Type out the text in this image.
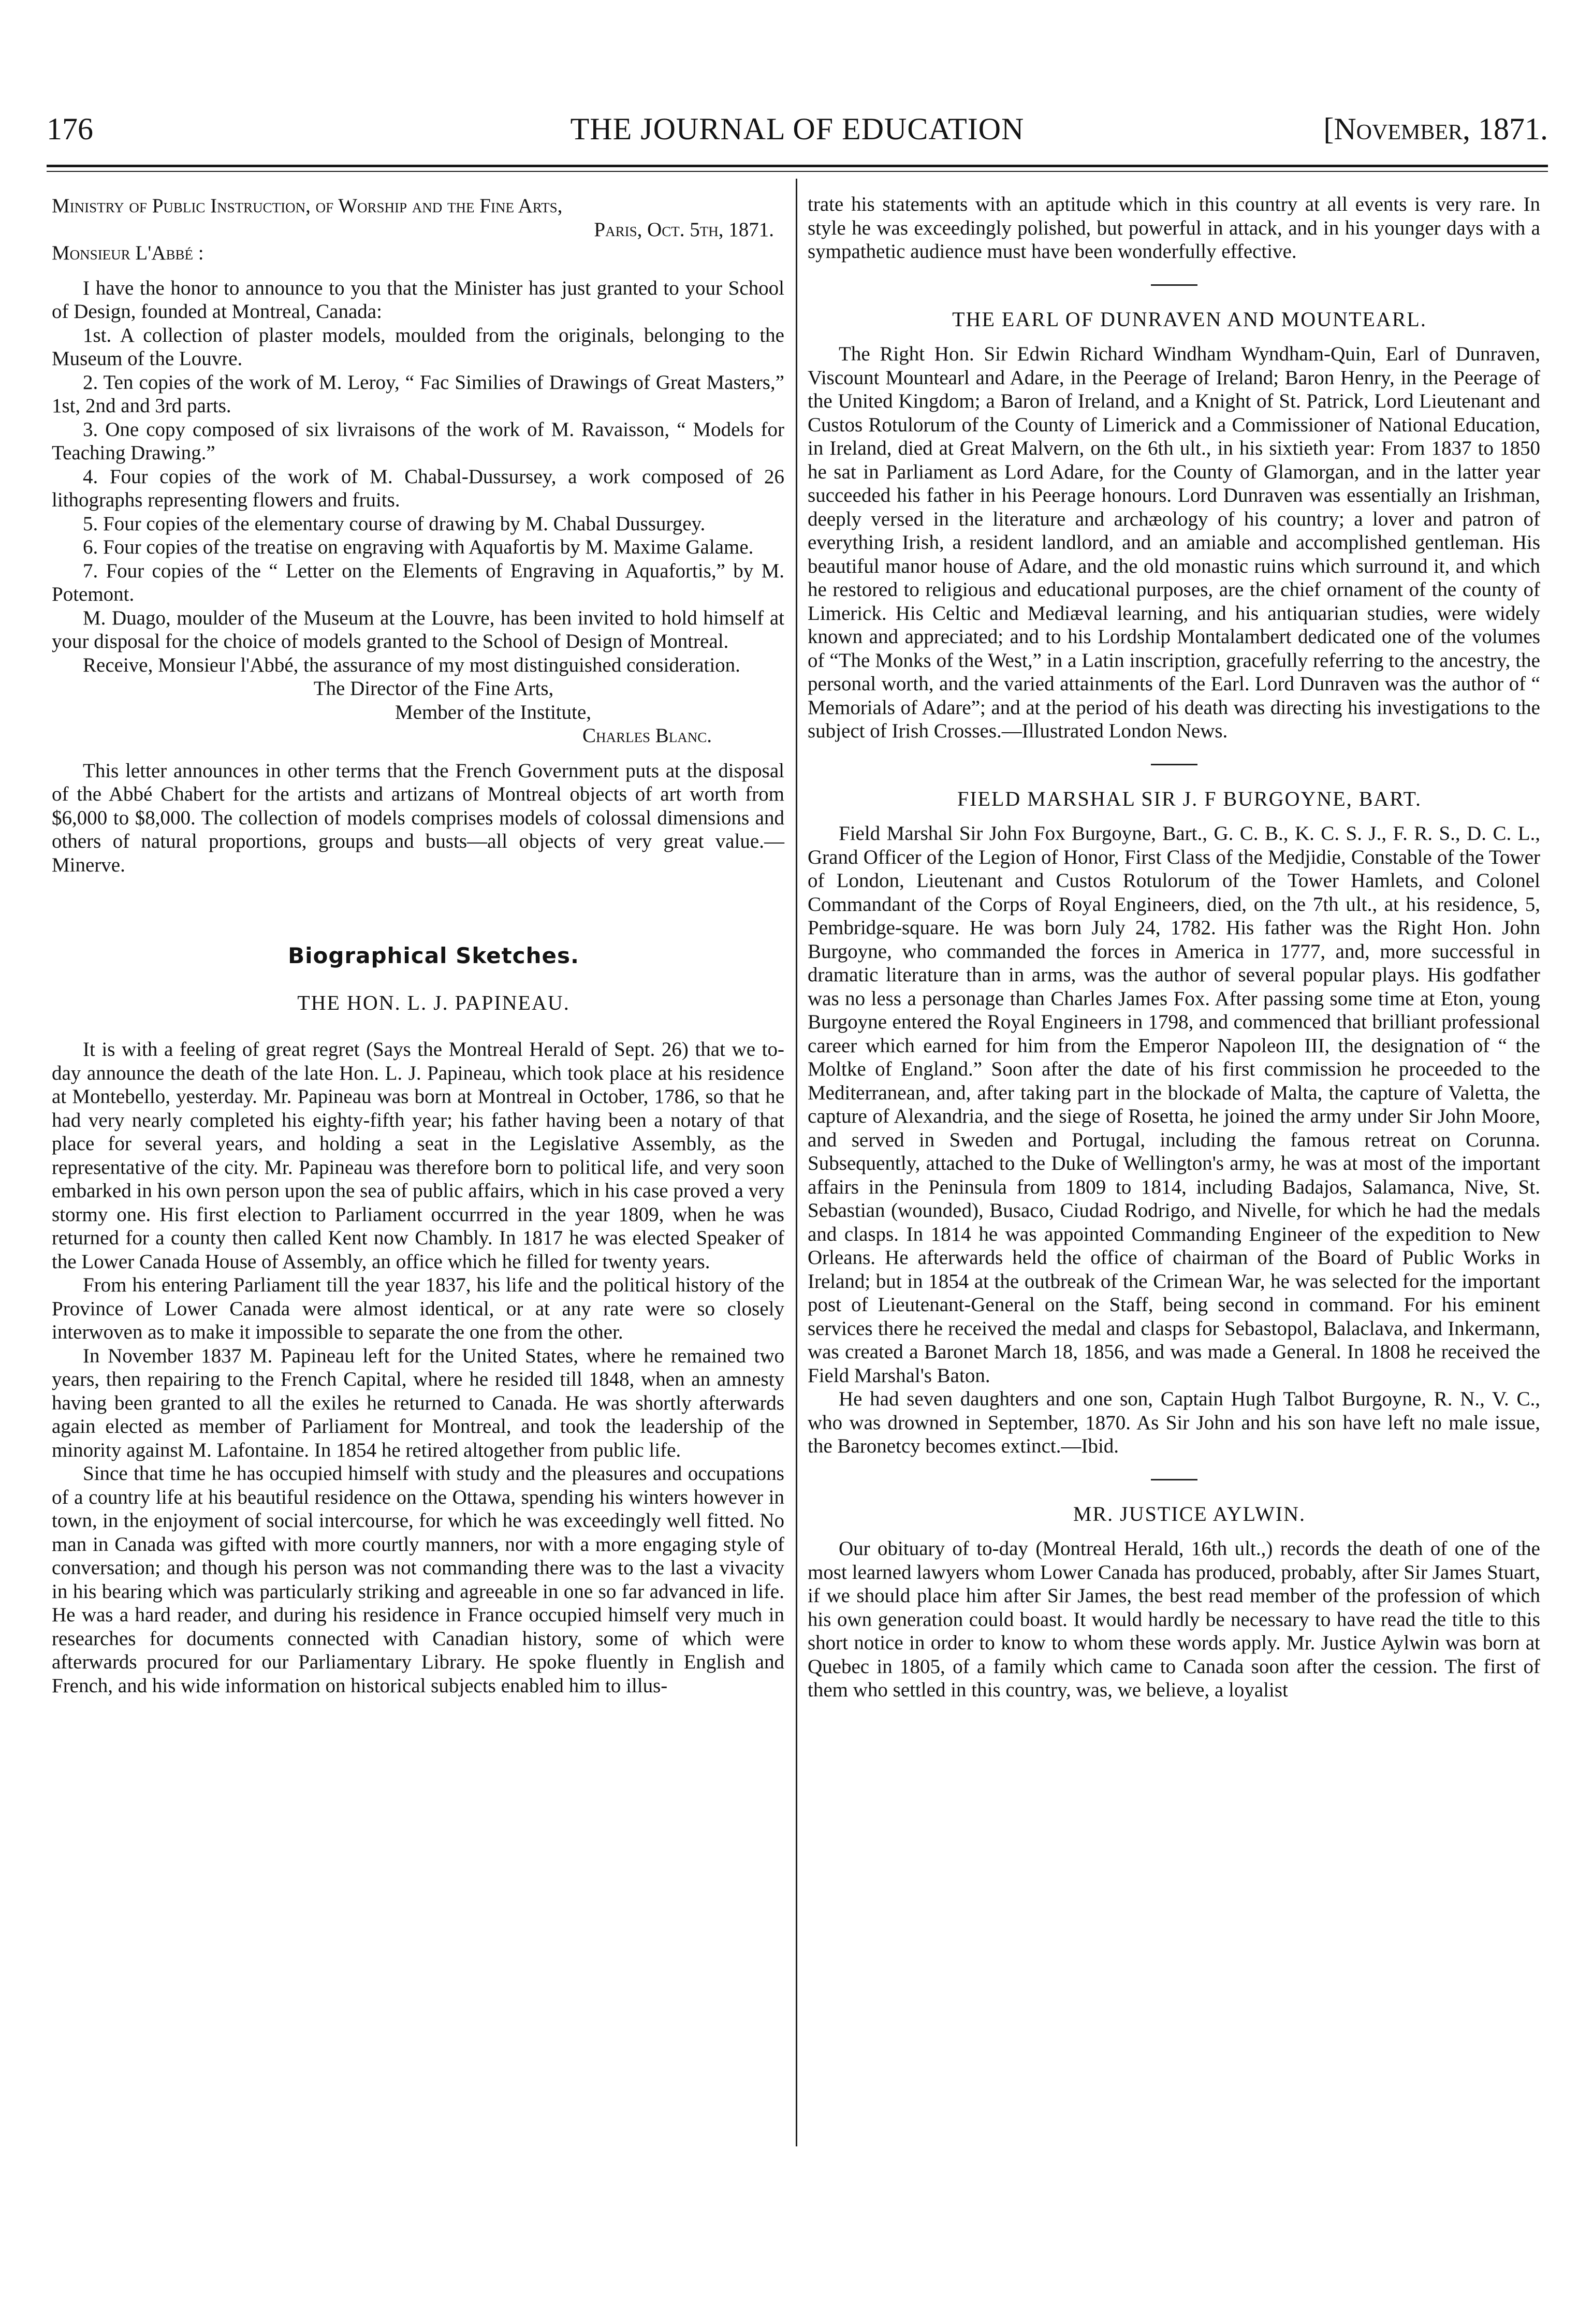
176	THE JOURNAL OF EDUCATION	[November, 1871.

Ministry of Public Instruction, of Worship and the Fine Arts,

Paris, Oct. 5th, 1871.

Monsieur L'Abbé :

I have the honor to announce to you that the Minister has just granted to your School of Design, founded at Montreal, Canada:

1st. A collection of plaster models, moulded from the originals, belonging to the Museum of the Louvre.

2. Ten copies of the work of M. Leroy, “ Fac Similies of Drawings of Great Masters,” 1st, 2nd and 3rd parts.

3. One copy composed of six livraisons of the work of M. Ravaisson, “ Models for Teaching Drawing.”

4. Four copies of the work of M. Chabal-Dussursey, a work composed of 26 lithographs representing flowers and fruits.

5. Four copies of the elementary course of drawing by M. Chabal Dussurgey.

6. Four copies of the treatise on engraving with Aquafortis by M. Maxime Galame.

7. Four copies of the “ Letter on the Elements of Engraving in Aquafortis,” by M. Potemont.

M. Duago, moulder of the Museum at the Louvre, has been invited to hold himself at your disposal for the choice of models granted to the School of Design of Montreal.

Receive, Monsieur l'Abbé, the assurance of my most distinguished consideration.

The Director of the Fine Arts,

Member of the Institute,

Charles Blanc.

This letter announces in other terms that the French Government puts at the disposal of the Abbé Chabert for the artists and artizans of Montreal objects of art worth from $6,000 to $8,000. The collection of models comprises models of colossal dimensions and others of natural proportions, groups and busts—all objects of very great value.—Minerve.

Biographical Sketches.

THE HON. L. J. PAPINEAU.

It is with a feeling of great regret (Says the Montreal Herald of Sept. 26) that we to-day announce the death of the late Hon. L. J. Papineau, which took place at his residence at Montebello, yesterday. Mr. Papineau was born at Montreal in October, 1786, so that he had very nearly completed his eighty-fifth year; his father having been a notary of that place for several years, and holding a seat in the Legislative Assembly, as the representative of the city. Mr. Papineau was therefore born to political life, and very soon embarked in his own person upon the sea of public affairs, which in his case proved a very stormy one. His first election to Parliament occurrred in the year 1809, when he was returned for a county then called Kent now Chambly. In 1817 he was elected Speaker of the Lower Canada House of Assembly, an office which he filled for twenty years.

From his entering Parliament till the year 1837, his life and the political history of the Province of Lower Canada were almost identical, or at any rate were so closely interwoven as to make it impossible to separate the one from the other.

In November 1837 M. Papineau left for the United States, where he remained two years, then repairing to the French Capital, where he resided till 1848, when an amnesty having been granted to all the exiles he returned to Canada. He was shortly afterwards again elected as member of Parliament for Montreal, and took the leadership of the minority against M. Lafontaine. In 1854 he retired altogether from public life.

Since that time he has occupied himself with study and the pleasures and occupations of a country life at his beautiful residence on the Ottawa, spending his winters however in town, in the enjoyment of social intercourse, for which he was exceedingly well fitted. No man in Canada was gifted with more courtly manners, nor with a more engaging style of conversation; and though his person was not commanding there was to the last a vivacity in his bearing which was particularly striking and agreeable in one so far advanced in life. He was a hard reader, and during his residence in France occupied himself very much in researches for documents connected with Canadian history, some of which were afterwards procured for our Parliamentary Library. He spoke fluently in English and French, and his wide information on historical subjects enabled him to illus-

trate his statements with an aptitude which in this country at all events is very rare. In style he was exceedingly polished, but powerful in attack, and in his younger days with a sympathetic audience must have been wonderfully effective.

THE EARL OF DUNRAVEN AND MOUNTEARL.

The Right Hon. Sir Edwin Richard Windham Wyndham-Quin, Earl of Dunraven, Viscount Mountearl and Adare, in the Peerage of Ireland; Baron Henry, in the Peerage of the United Kingdom; a Baron of Ireland, and a Knight of St. Patrick, Lord Lieutenant and Custos Rotulorum of the County of Limerick and a Commissioner of National Education, in Ireland, died at Great Malvern, on the 6th ult., in his sixtieth year: From 1837 to 1850 he sat in Parliament as Lord Adare, for the County of Glamorgan, and in the latter year succeeded his father in his Peerage honours. Lord Dunraven was essentially an Irishman, deeply versed in the literature and archæology of his country; a lover and patron of everything Irish, a resident landlord, and an amiable and accomplished gentleman. His beautiful manor house of Adare, and the old monastic ruins which surround it, and which he restored to religious and educational purposes, are the chief ornament of the county of Limerick. His Celtic and Mediæval learning, and his antiquarian studies, were widely known and appreciated; and to his Lordship Montalambert dedicated one of the volumes of “The Monks of the West,” in a Latin inscription, gracefully referring to the ancestry, the personal worth, and the varied attainments of the Earl. Lord Dunraven was the author of “ Memorials of Adare”; and at the period of his death was directing his investigations to the subject of Irish Crosses.—Illustrated London News.

FIELD MARSHAL SIR J. F BURGOYNE, BART.

Field Marshal Sir John Fox Burgoyne, Bart., G. C. B., K. C. S. J., F. R. S., D. C. L., Grand Officer of the Legion of Honor, First Class of the Medjidie, Constable of the Tower of London, Lieutenant and Custos Rotulorum of the Tower Hamlets, and Colonel Commandant of the Corps of Royal Engineers, died, on the 7th ult., at his residence, 5, Pembridge-square. He was born July 24, 1782. His father was the Right Hon. John Burgoyne, who commanded the forces in America in 1777, and, more successful in dramatic literature than in arms, was the author of several popular plays. His godfather was no less a personage than Charles James Fox. After passing some time at Eton, young Burgoyne entered the Royal Engineers in 1798, and commenced that brilliant professional career which earned for him from the Emperor Napoleon III, the designation of “ the Moltke of England.” Soon after the date of his first commission he proceeded to the Mediterranean, and, after taking part in the blockade of Malta, the capture of Valetta, the capture of Alexandria, and the siege of Rosetta, he joined the army under Sir John Moore, and served in Sweden and Portugal, including the famous retreat on Corunna. Subsequently, attached to the Duke of Wellington's army, he was at most of the important affairs in the Peninsula from 1809 to 1814, including Badajos, Salamanca, Nive, St. Sebastian (wounded), Busaco, Ciudad Rodrigo, and Nivelle, for which he had the medals and clasps. In 1814 he was appointed Commanding Engineer of the expedition to New Orleans. He afterwards held the office of chairman of the Board of Public Works in Ireland; but in 1854 at the outbreak of the Crimean War, he was selected for the important post of Lieutenant-General on the Staff, being second in command. For his eminent services there he received the medal and clasps for Sebastopol, Balaclava, and Inkermann, was created a Baronet March 18, 1856, and was made a General. In 1808 he received the Field Marshal's Baton.

He had seven daughters and one son, Captain Hugh Talbot Burgoyne, R. N., V. C., who was drowned in September, 1870. As Sir John and his son have left no male issue, the Baronetcy becomes extinct.—Ibid.

MR. JUSTICE AYLWIN.

Our obituary of to-day (Montreal Herald, 16th ult.,) records the death of one of the most learned lawyers whom Lower Canada has produced, probably, after Sir James Stuart, if we should place him after Sir James, the best read member of the profession of which his own generation could boast. It would hardly be necessary to have read the title to this short notice in order to know to whom these words apply. Mr. Justice Aylwin was born at Quebec in 1805, of a family which came to Canada soon after the cession. The first of them who settled in this country, was, we believe, a loyalist
